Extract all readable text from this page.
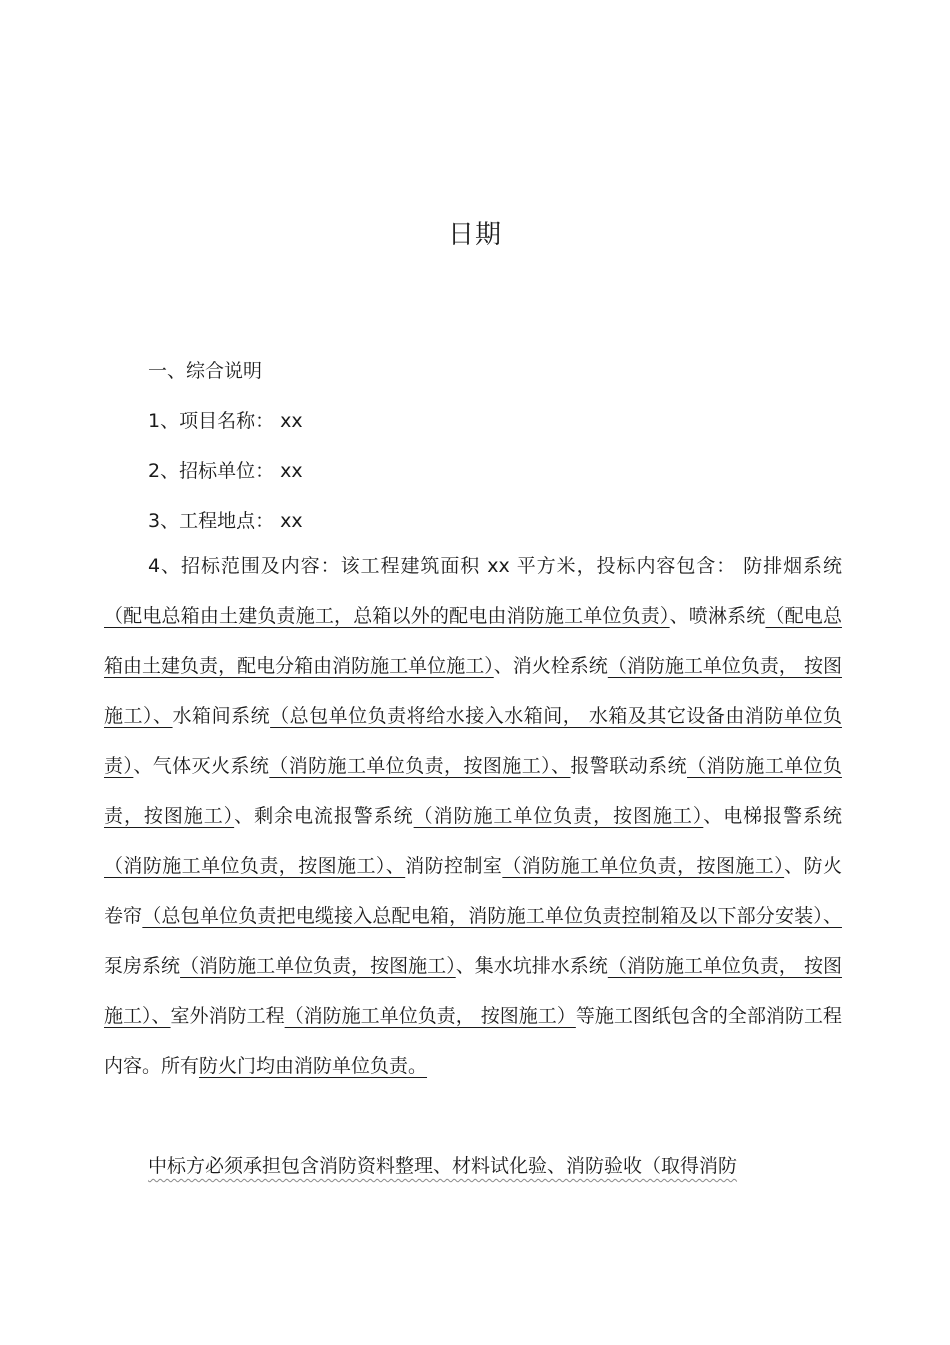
日期
一、综合说明
1、项目名称： xx
2、招标单位： xx
3、工程地点： xx
4、招标范围及内容：该工程建筑面积 xx 平方米，投标内容包含： 防排烟系统 （配电总箱由土建负责施工，总箱以外的配电由消防施工单位负责）、喷淋系统（配电总箱由土建负责，配电分箱由消防施工单位施工）、消火栓系统（消防施工单位负责， 按图施工）、水箱间系统（总包单位负责将给水接入水箱间， 水箱及其它设备由消防单位负责）、气体灭火系统（消防施工单位负责，按图施工）、报警联动系统（消防施工单位负责，按图施工）、剩余电流报警系统（消防施工单位负责，按图施工）、电梯报警系统（消防施工单位负责，按图施工）、消防控制室（消防施工单位负责，按图施工）、防火卷帘（总包单位负责把电缆接入总配电箱，消防施工单位负责控制箱及以下部分安装）、泵房系统（消防施工单位负责，按图施工）、集水坑排水系统（消防施工单位负责， 按图施工）、室外消防工程（消防施工单位负责， 按图施工）等施工图纸包含的全部消防工程内容。所有防火门均由消防单位负责。
中标方必须承担包含消防资料整理、材料试化验、消防验收（取得消防
